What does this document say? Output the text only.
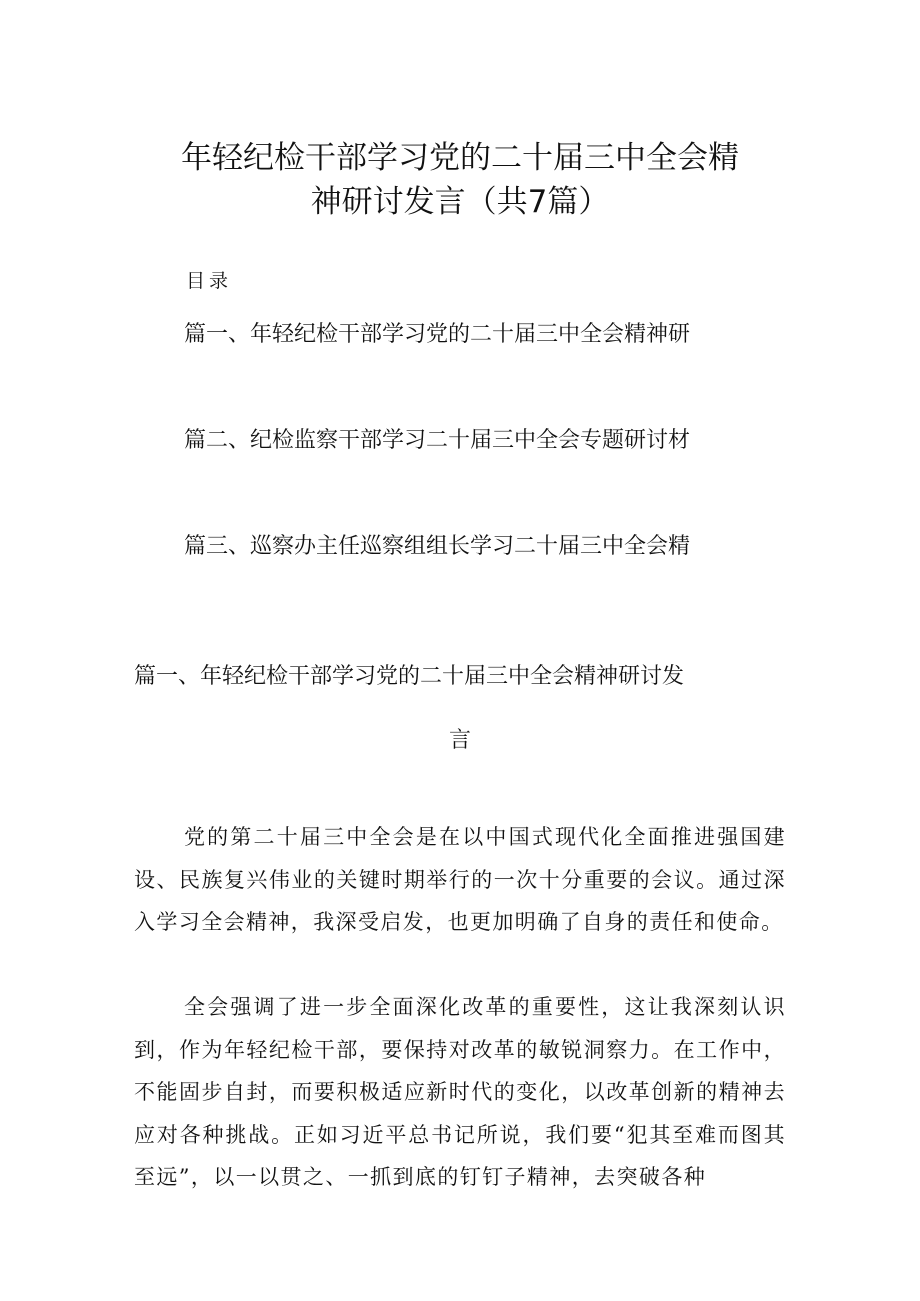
年轻纪检干部学习党的二十届三中全会精
神研讨发言（共7篇）
目录
篇一、年轻纪检干部学习党的二十届三中全会精神研
篇二、纪检监察干部学习二十届三中全会专题研讨材
篇三、巡察办主任巡察组组长学习二十届三中全会精
篇一、年轻纪检干部学习党的二十届三中全会精神研讨发
言

党的第二十届三中全会是在以中国式现代化全面推进强国建设、民族复兴伟业的关键时期举行的一次十分重要的会议。通过深入学习全会精神，我深受启发，也更加明确了自身的责任和使命。

全会强调了进一步全面深化改革的重要性，这让我深刻认识到，作为年轻纪检干部，要保持对改革的敏锐洞察力。在工作中，不能固步自封，而要积极适应新时代的变化，以改革创新的精神去应对各种挑战。正如习近平总书记所说，我们要“犯其至难而图其至远”，以一以贯之、一抓到底的钉钉子精神，去突破各种
